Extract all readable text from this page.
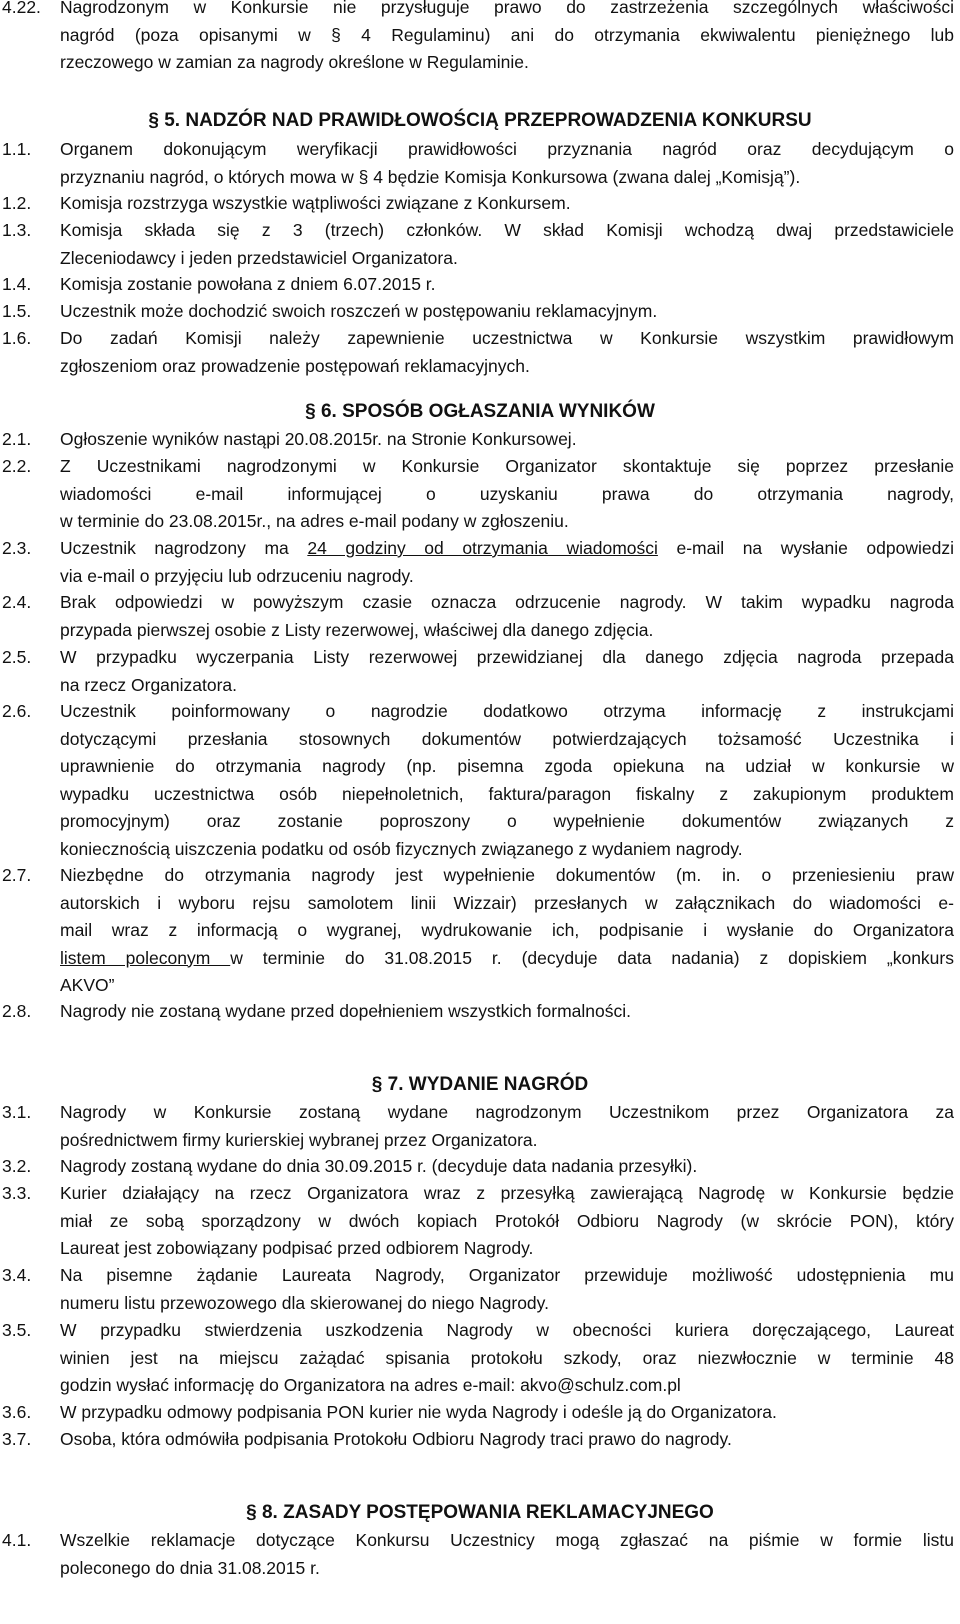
4.22.	Nagrodzonym w Konkursie nie przysługuje prawo do zastrzeżenia szczególnych właściwości
nagród (poza opisanymi w § 4 Regulaminu) ani do otrzymania ekwiwalentu pieniężnego lub
rzeczowego w zamian za nagrody określone w Regulaminie.
§ 5. NADZÓR NAD PRAWIDŁOWOŚCIĄ PRZEPROWADZENIA KONKURSU
1.1.	Organem dokonującym weryfikacji prawidłowości przyznania nagród oraz decydującym o
przyznaniu nagród, o których mowa w § 4 będzie Komisja Konkursowa (zwana dalej „Komisją”).
1.2.	Komisja rozstrzyga wszystkie wątpliwości związane z Konkursem.
1.3.	Komisja składa się z 3 (trzech) członków. W skład Komisji wchodzą dwaj przedstawiciele
Zleceniodawcy i jeden przedstawiciel Organizatora.
1.4.	Komisja zostanie powołana z dniem 6.07.2015 r.
1.5.	Uczestnik może dochodzić swoich roszczeń w postępowaniu reklamacyjnym.
1.6.	Do zadań Komisji należy zapewnienie uczestnictwa w Konkursie wszystkim prawidłowym
zgłoszeniom oraz prowadzenie postępowań reklamacyjnych.
§ 6. SPOSÓB OGŁASZANIA WYNIKÓW
2.1.	Ogłoszenie wyników nastąpi 20.08.2015r. na Stronie Konkursowej.
2.2.	Z Uczestnikami nagrodzonymi w Konkursie Organizator skontaktuje się poprzez przesłanie
wiadomości e-mail informującej o uzyskaniu prawa do otrzymania nagrody,
w terminie do 23.08.2015r., na adres e-mail podany w zgłoszeniu.
2.3.	Uczestnik nagrodzony ma 24 godziny od otrzymania wiadomości e-mail na wysłanie odpowiedzi
via e-mail o przyjęciu lub odrzuceniu nagrody.
2.4.	Brak odpowiedzi w powyższym czasie oznacza odrzucenie nagrody. W takim wypadku nagroda
przypada pierwszej osobie z Listy rezerwowej, właściwej dla danego zdjęcia.
2.5.	W przypadku wyczerpania Listy rezerwowej przewidzianej dla danego zdjęcia nagroda przepada
na rzecz Organizatora.
2.6.	Uczestnik poinformowany o nagrodzie dodatkowo otrzyma informację z instrukcjami
dotyczącymi przesłania stosownych dokumentów potwierdzających tożsamość Uczestnika i
uprawnienie do otrzymania nagrody (np. pisemna zgoda opiekuna na udział w konkursie w
wypadku uczestnictwa osób niepełnoletnich, faktura/paragon fiskalny z zakupionym produktem
promocyjnym) oraz zostanie poproszony o wypełnienie dokumentów związanych z
koniecznością uiszczenia podatku od osób fizycznych związanego z wydaniem nagrody.
2.7.	Niezbędne do otrzymania nagrody jest wypełnienie dokumentów (m. in. o przeniesieniu praw
autorskich i wyboru rejsu samolotem linii Wizzair) przesłanych w załącznikach do wiadomości e-
mail wraz z informacją o wygranej, wydrukowanie ich, podpisanie i wysłanie do Organizatora
listem poleconym w terminie do 31.08.2015 r. (decyduje data nadania) z dopiskiem „konkurs
AKVO”
2.8.	Nagrody nie zostaną wydane przed dopełnieniem wszystkich formalności.
§ 7. WYDANIE NAGRÓD
3.1.	Nagrody w Konkursie zostaną wydane nagrodzonym Uczestnikom przez Organizatora za
pośrednictwem firmy kurierskiej wybranej przez Organizatora.
3.2.	Nagrody zostaną wydane do dnia 30.09.2015 r. (decyduje data nadania przesyłki).
3.3.	Kurier działający na rzecz Organizatora wraz z przesyłką zawierającą Nagrodę w Konkursie będzie
miał ze sobą sporządzony w dwóch kopiach Protokół Odbioru Nagrody (w skrócie PON), który
Laureat jest zobowiązany podpisać przed odbiorem Nagrody.
3.4.	Na pisemne żądanie Laureata Nagrody, Organizator przewiduje możliwość udostępnienia mu
numeru listu przewozowego dla skierowanej do niego Nagrody.
3.5.	W przypadku stwierdzenia uszkodzenia Nagrody w obecności kuriera doręczającego, Laureat
winien jest na miejscu zażądać spisania protokołu szkody, oraz niezwłocznie w terminie 48
godzin wysłać informację do Organizatora na adres e-mail: akvo@schulz.com.pl
3.6.	W przypadku odmowy podpisania PON kurier nie wyda Nagrody i odeśle ją do Organizatora.
3.7.	Osoba, która odmówiła podpisania Protokołu Odbioru Nagrody traci prawo do nagrody.
§ 8. ZASADY POSTĘPOWANIA REKLAMACYJNEGO
4.1.	Wszelkie reklamacje dotyczące Konkursu Uczestnicy mogą zgłaszać na piśmie w formie listu
poleconego do dnia 31.08.2015 r.
